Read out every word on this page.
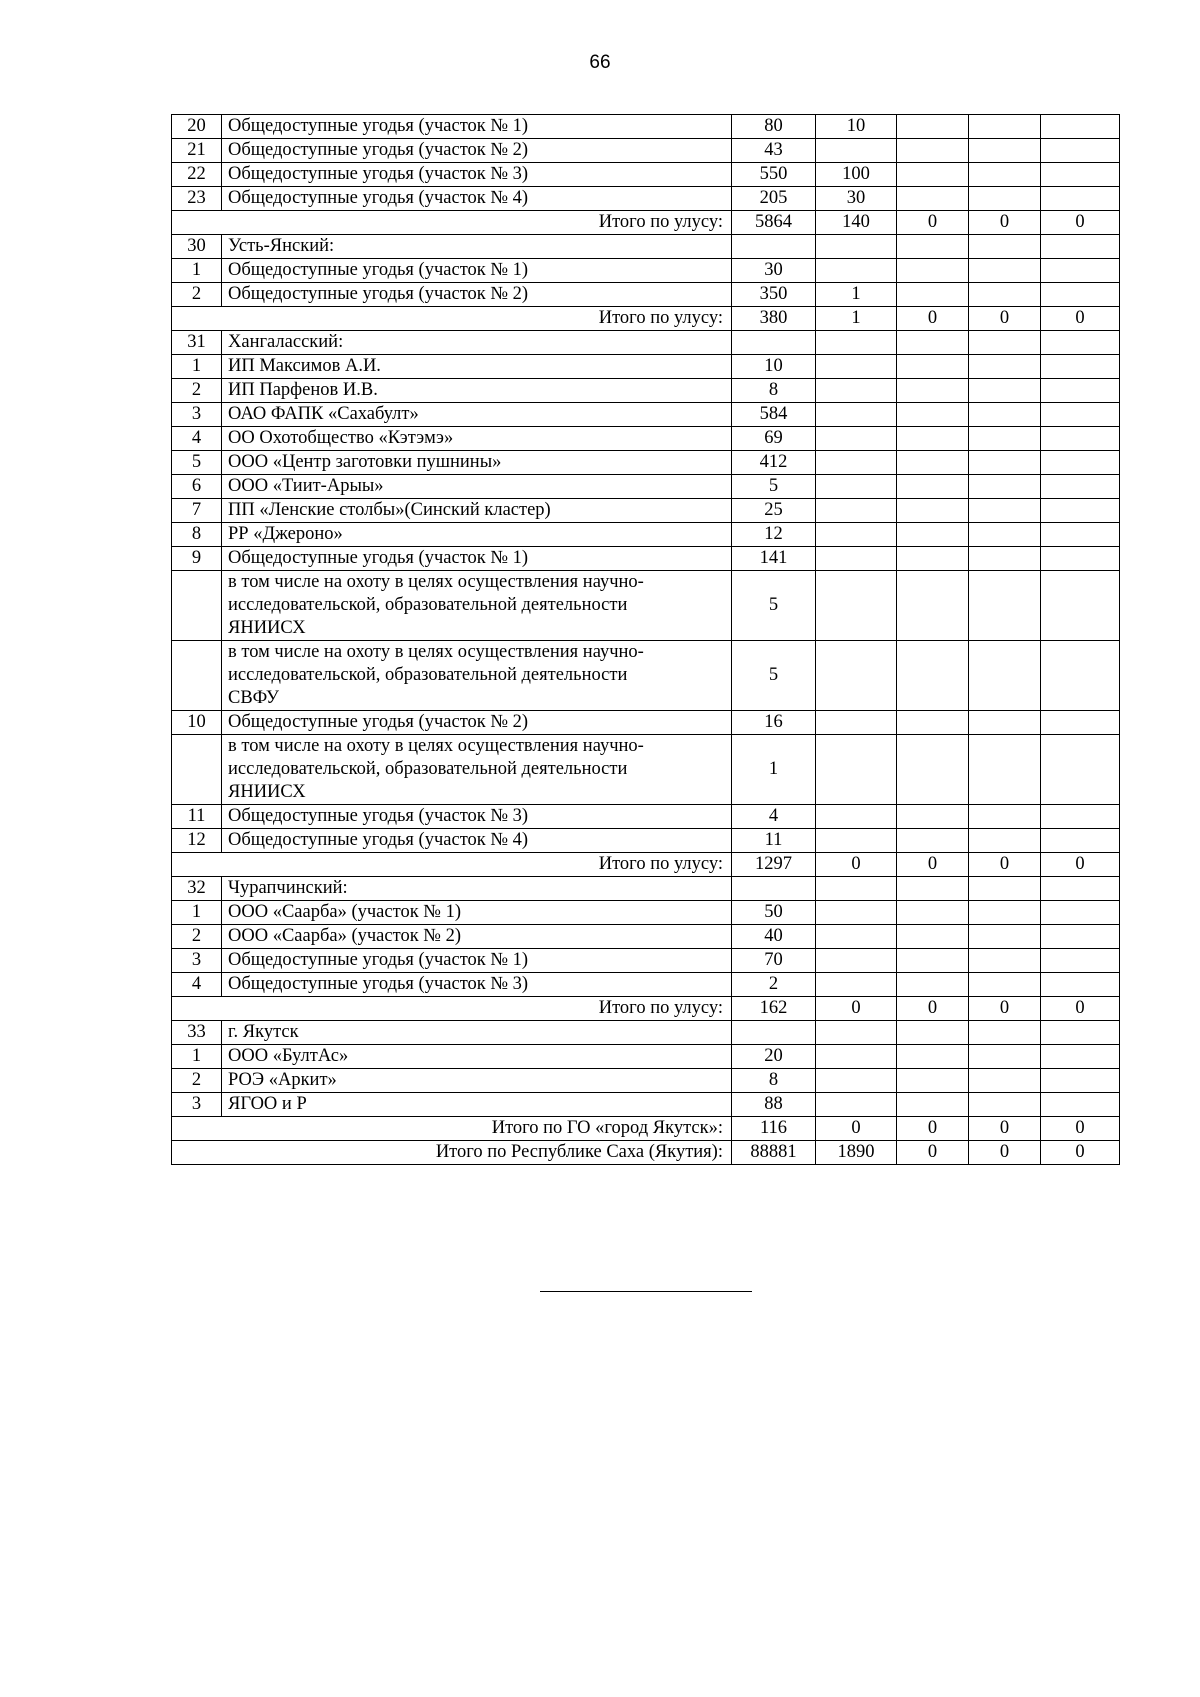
66
20	Общедоступные угодья (участок № 1)	80	10			
21	Общедоступные угодья (участок № 2)	43				
22	Общедоступные угодья (участок № 3)	550	100			
23	Общедоступные угодья (участок № 4)	205	30			
Итого по улусу:		5864	140	0	0	0
30	Усть-Янский:					
1	Общедоступные угодья (участок № 1)	30				
2	Общедоступные угодья (участок № 2)	350	1			
Итого по улусу:		380	1	0	0	0
31	Хангаласский:					
1	ИП Максимов А.И.	10				
2	ИП Парфенов И.В.	8				
3	ОАО ФАПК «Сахабулт»	584				
4	ОО Охотобщество «Кэтэмэ»	69				
5	ООО «Центр заготовки пушнины»	412				
6	ООО «Тиит-Арыы»	5				
7	ПП «Ленские столбы»(Синский кластер)	25				
8	РР «Джероно»	12				
9	Общедоступные угодья (участок № 1)	141				

	в том числе на охоту в целях осуществления научно-
исследовательской, образовательной деятельности
ЯНИИСХ	5				

	в том числе на охоту в целях осуществления научно-
исследовательской, образовательной деятельности
СВФУ	5				
10	Общедоступные угодья (участок № 2)	16				

	в том числе на охоту в целях осуществления научно-
исследовательской, образовательной деятельности
ЯНИИСХ	1				
11	Общедоступные угодья (участок № 3)	4				
12	Общедоступные угодья (участок № 4)	11				
Итого по улусу:		1297	0	0	0	0
32	Чурапчинский:					
1	ООО «Саарба» (участок № 1)	50				
2	ООО «Саарба» (участок № 2)	40				
3	Общедоступные угодья (участок № 1)	70				
4	Общедоступные угодья (участок № 3)	2				
Итого по улусу:		162	0	0	0	0
33	г. Якутск					
1	ООО «БултАс»	20				
2	РОЭ «Аркит»	8				
3	ЯГОО и Р	88				
Итого по ГО «город Якутск»:		116	0	0	0	0
Итого по Республике Саха (Якутия):		88881	1890	0	0	0
